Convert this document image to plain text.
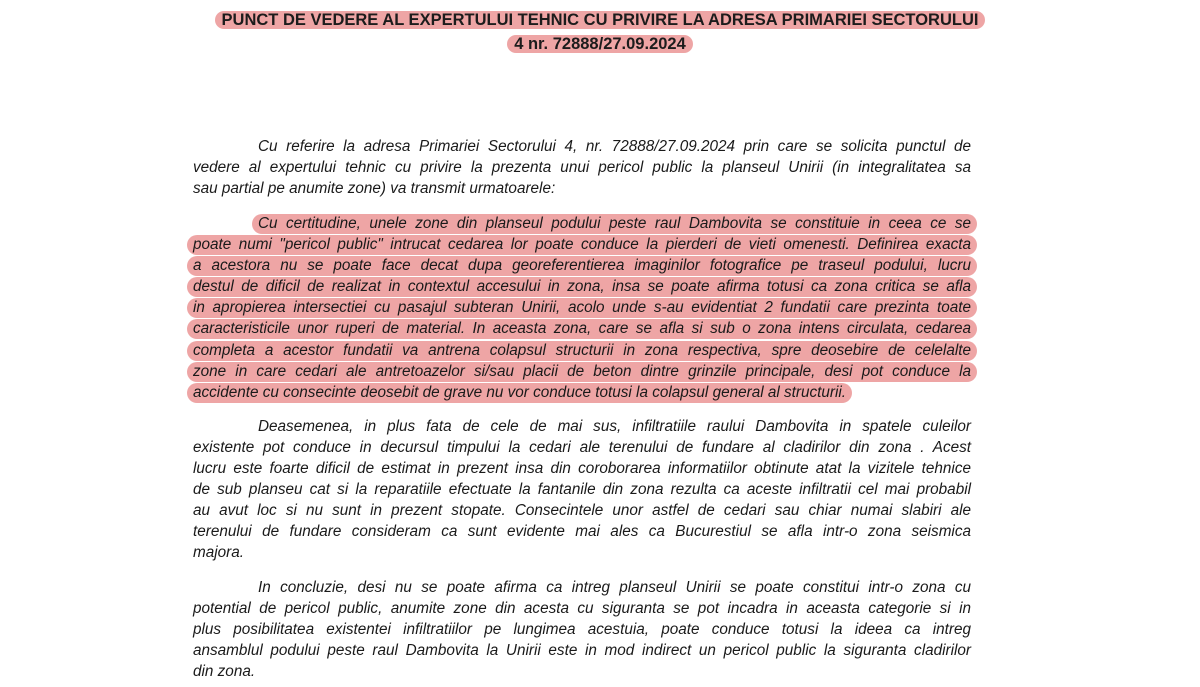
PUNCT DE VEDERE AL EXPERTULUI TEHNIC CU PRIVIRE LA ADRESA PRIMARIEI SECTORULUI
4 nr. 72888/27.09.2024
Cu referire la adresa Primariei Sectorului 4, nr. 72888/27.09.2024 prin care se solicita punctul de
vedere al expertului tehnic cu privire la prezenta unui pericol public la planseul Unirii (in integralitatea sa
sau partial pe anumite zone) va transmit urmatoarele:
Cu certitudine, unele zone din planseul podului peste raul Dambovita se constituie in ceea ce se
poate numi "pericol public" intrucat cedarea lor poate conduce la pierderi de vieti omenesti. Definirea exacta
a acestora nu se poate face decat dupa georeferentierea imaginilor fotografice pe traseul podului, lucru
destul de dificil de realizat in contextul accesului in zona, insa se poate afirma totusi ca zona critica se afla
in apropierea intersectiei cu pasajul subteran Unirii, acolo unde s-au evidentiat 2 fundatii care prezinta toate
caracteristicile unor ruperi de material. In aceasta zona, care se afla si sub o zona intens circulata, cedarea
completa a acestor fundatii va antrena colapsul structurii in zona respectiva, spre deosebire de celelalte
zone in care cedari ale antretoazelor si/sau placii de beton dintre grinzile principale, desi pot conduce la
accidente cu consecinte deosebit de grave nu vor conduce totusi la colapsul general al structurii.
Deasemenea, in plus fata de cele de mai sus, infiltratiile raului Dambovita in spatele culeilor
existente pot conduce in decursul timpului la cedari ale terenului de fundare al cladirilor din zona . Acest
lucru este foarte dificil de estimat in prezent insa din coroborarea informatiilor obtinute atat la vizitele tehnice
de sub planseu cat si la reparatiile efectuate la fantanile din zona rezulta ca aceste infiltratii cel mai probabil
au avut loc si nu sunt in prezent stopate. Consecintele unor astfel de cedari sau chiar numai slabiri ale
terenului de fundare consideram ca sunt evidente mai ales ca Bucurestiul se afla intr-o zona seismica
majora.
In concluzie, desi nu se poate afirma ca intreg planseul Unirii se poate constitui intr-o zona cu
potential de pericol public, anumite zone din acesta cu siguranta se pot incadra in aceasta categorie si in
plus posibilitatea existentei infiltratiilor pe lungimea acestuia, poate conduce totusi la ideea ca intreg
ansamblul podului peste raul Dambovita la Unirii este in mod indirect un pericol public la siguranta cladirilor
din zona.
